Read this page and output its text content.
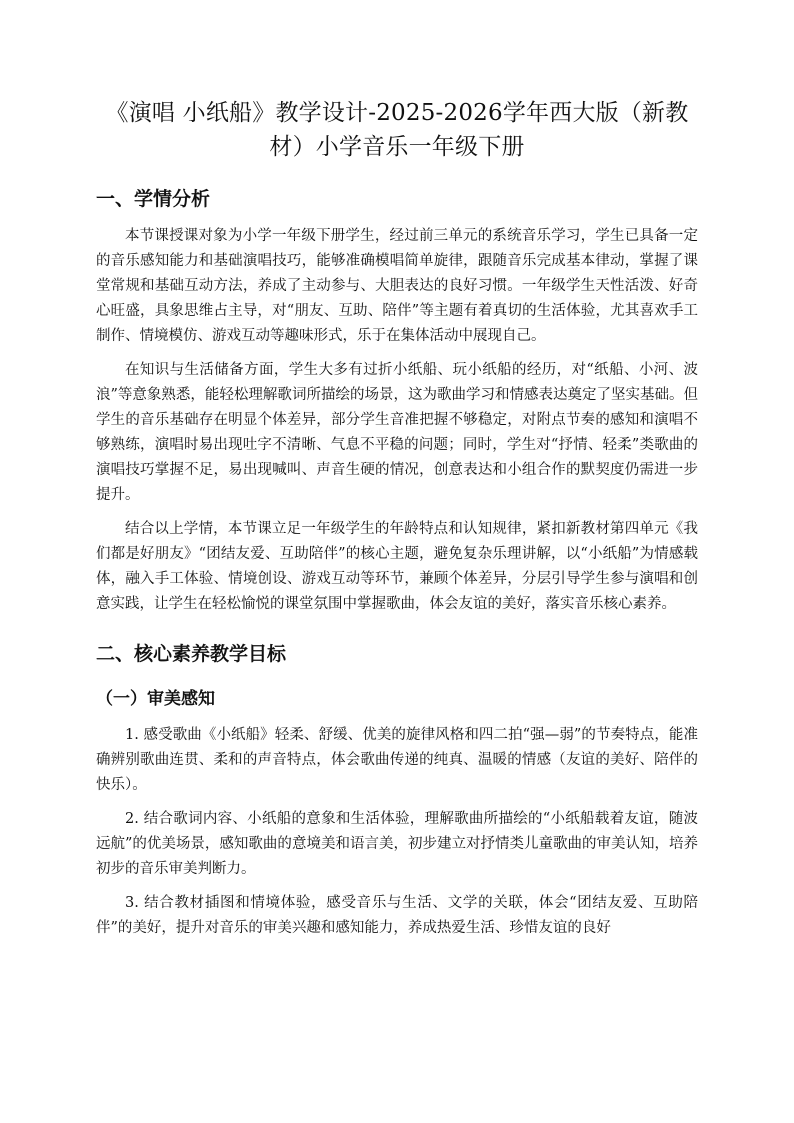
《演唱 小纸船》教学设计-2025-2026学年西大版（新教
材）小学音乐一年级下册
一、学情分析

本节课授课对象为小学一年级下册学生，经过前三单元的系统音乐学习，学生已具备一定的音乐感知能力和基础演唱技巧，能够准确模唱简单旋律，跟随音乐完成基本律动，掌握了课堂常规和基础互动方法，养成了主动参与、大胆表达的良好习惯。一年级学生天性活泼、好奇心旺盛，具象思维占主导，对“朋友、互助、陪伴”等主题有着真切的生活体验，尤其喜欢手工制作、情境模仿、游戏互动等趣味形式，乐于在集体活动中展现自己。

在知识与生活储备方面，学生大多有过折小纸船、玩小纸船的经历，对“纸船、小河、波浪”等意象熟悉，能轻松理解歌词所描绘的场景，这为歌曲学习和情感表达奠定了坚实基础。但学生的音乐基础存在明显个体差异，部分学生音准把握不够稳定，对附点节奏的感知和演唱不够熟练，演唱时易出现吐字不清晰、气息不平稳的问题；同时，学生对“抒情、轻柔”类歌曲的演唱技巧掌握不足，易出现喊叫、声音生硬的情况，创意表达和小组合作的默契度仍需进一步提升。

结合以上学情，本节课立足一年级学生的年龄特点和认知规律，紧扣新教材第四单元《我们都是好朋友》“团结友爱、互助陪伴”的核心主题，避免复杂乐理讲解，以“小纸船”为情感载体，融入手工体验、情境创设、游戏互动等环节，兼顾个体差异，分层引导学生参与演唱和创意实践，让学生在轻松愉悦的课堂氛围中掌握歌曲，体会友谊的美好，落实音乐核心素养。

二、核心素养教学目标
（一）审美感知

1. 感受歌曲《小纸船》轻柔、舒缓、优美的旋律风格和四二拍“强—弱”的节奏特点，能准确辨别歌曲连贯、柔和的声音特点，体会歌曲传递的纯真、温暖的情感（友谊的美好、陪伴的快乐）。

2. 结合歌词内容、小纸船的意象和生活体验，理解歌曲所描绘的“小纸船载着友谊，随波远航”的优美场景，感知歌曲的意境美和语言美，初步建立对抒情类儿童歌曲的审美认知，培养初步的音乐审美判断力。

3. 结合教材插图和情境体验，感受音乐与生活、文学的关联，体会“团结友爱、互助陪伴”的美好，提升对音乐的审美兴趣和感知能力，养成热爱生活、珍惜友谊的良好
